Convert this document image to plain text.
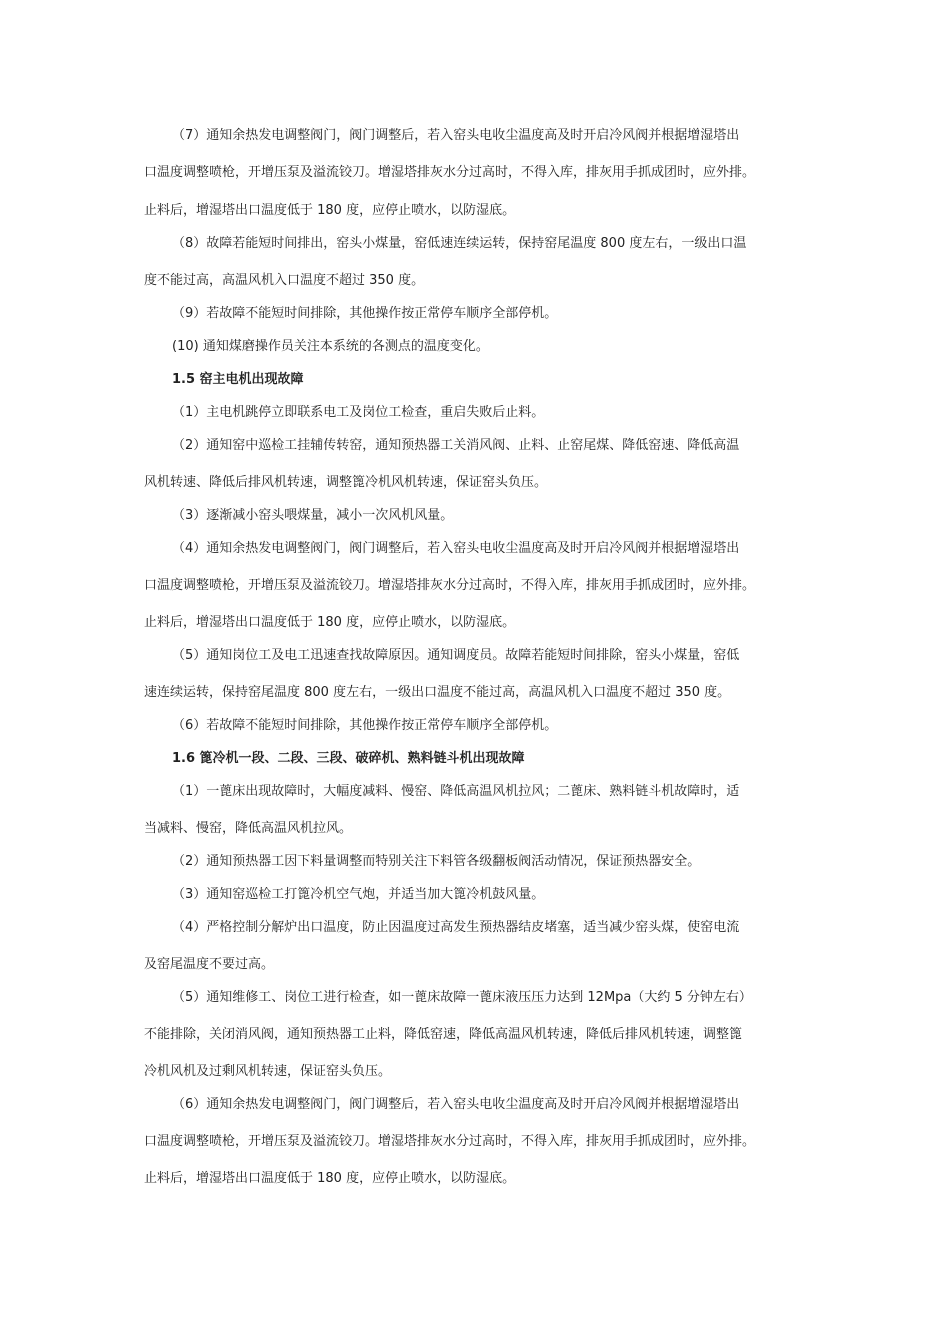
（7）通知余热发电调整阀门，阀门调整后，若入窑头电收尘温度高及时开启冷风阀并根据增湿塔出
口温度调整喷枪，开增压泵及溢流铰刀。增湿塔排灰水分过高时，不得入库，排灰用手抓成团时，应外排。
止料后，增湿塔出口温度低于 180 度，应停止喷水，以防湿底。
（8）故障若能短时间排出，窑头小煤量，窑低速连续运转，保持窑尾温度 800 度左右，一级出口温
度不能过高，高温风机入口温度不超过 350 度。
（9）若故障不能短时间排除，其他操作按正常停车顺序全部停机。
(10) 通知煤磨操作员关注本系统的各测点的温度变化。
1.5 窑主电机出现故障
（1）主电机跳停立即联系电工及岗位工检查，重启失败后止料。
（2）通知窑中巡检工挂辅传转窑，通知预热器工关消风阀、止料、止窑尾煤、降低窑速、降低高温
风机转速、降低后排风机转速，调整篦冷机风机转速，保证窑头负压。
（3）逐渐减小窑头喂煤量，减小一次风机风量。
（4）通知余热发电调整阀门，阀门调整后，若入窑头电收尘温度高及时开启冷风阀并根据增湿塔出
口温度调整喷枪，开增压泵及溢流铰刀。增湿塔排灰水分过高时，不得入库，排灰用手抓成团时，应外排。
止料后，增湿塔出口温度低于 180 度，应停止喷水，以防湿底。
（5）通知岗位工及电工迅速查找故障原因。通知调度员。故障若能短时间排除，窑头小煤量，窑低
速连续运转，保持窑尾温度 800 度左右，一级出口温度不能过高，高温风机入口温度不超过 350 度。
（6）若故障不能短时间排除，其他操作按正常停车顺序全部停机。
1.6 篦冷机一段、二段、三段、破碎机、熟料链斗机出现故障
（1）一蓖床出现故障时，大幅度减料、慢窑、降低高温风机拉风；二蓖床、熟料链斗机故障时，适
当减料、慢窑，降低高温风机拉风。
（2）通知预热器工因下料量调整而特别关注下料管各级翻板阀活动情况，保证预热器安全。
（3）通知窑巡检工打篦冷机空气炮，并适当加大篦冷机鼓风量。
（4）严格控制分解炉出口温度，防止因温度过高发生预热器结皮堵塞，适当减少窑头煤，使窑电流
及窑尾温度不要过高。
（5）通知维修工、岗位工进行检查，如一蓖床故障一蓖床液压压力达到 12Mpa（大约 5 分钟左右）
不能排除，关闭消风阀，通知预热器工止料，降低窑速，降低高温风机转速，降低后排风机转速，调整篦
冷机风机及过剩风机转速，保证窑头负压。
（6）通知余热发电调整阀门，阀门调整后，若入窑头电收尘温度高及时开启冷风阀并根据增湿塔出
口温度调整喷枪，开增压泵及溢流铰刀。增湿塔排灰水分过高时，不得入库，排灰用手抓成团时，应外排。
止料后，增湿塔出口温度低于 180 度，应停止喷水，以防湿底。
